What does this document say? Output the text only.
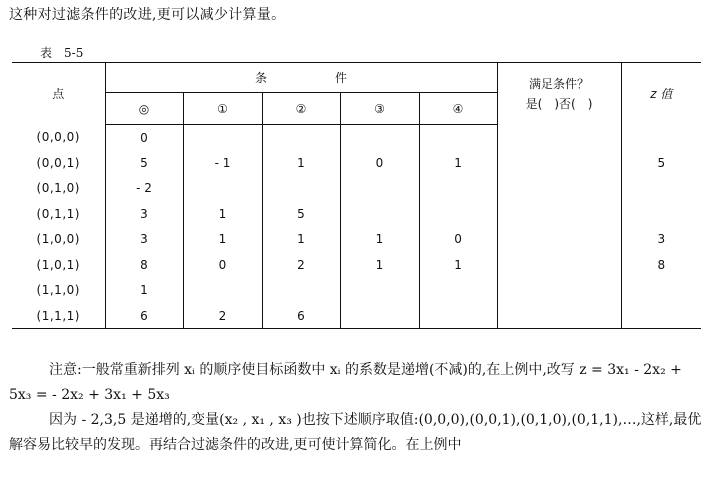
这种对过滤条件的改进,更可以减少计算量。
表　5-5
点	条　件					满足条件？
是(　)否(　)	z 值
	◎	①	②	③	④		
(0,0,0)	0						
(0,0,1)	5	- 1	1	0	1		5
(0,1,0)	- 2						
(0,1,1)	3	1	5				
(1,0,0)	3	1	1	1	0		3
(1,0,1)	8	0	2	1	1		8
(1,1,0)	1						
(1,1,1)	6	2	6				

注意:一般常重新排列 xᵢ 的顺序使目标函数中 xᵢ 的系数是递增(不减)的,在上例中,改写 z = 3x₁ - 2x₂ + 5x₃ = - 2x₂ + 3x₁ + 5x₃

因为 - 2,3,5 是递增的,变量(x₂ , x₁ , x₃ )也按下述顺序取值:(0,0,0),(0,0,1),(0,1,0),(0,1,1),…,这样,最优解容易比较早的发现。再结合过滤条件的改进,更可使计算简化。在上例中
